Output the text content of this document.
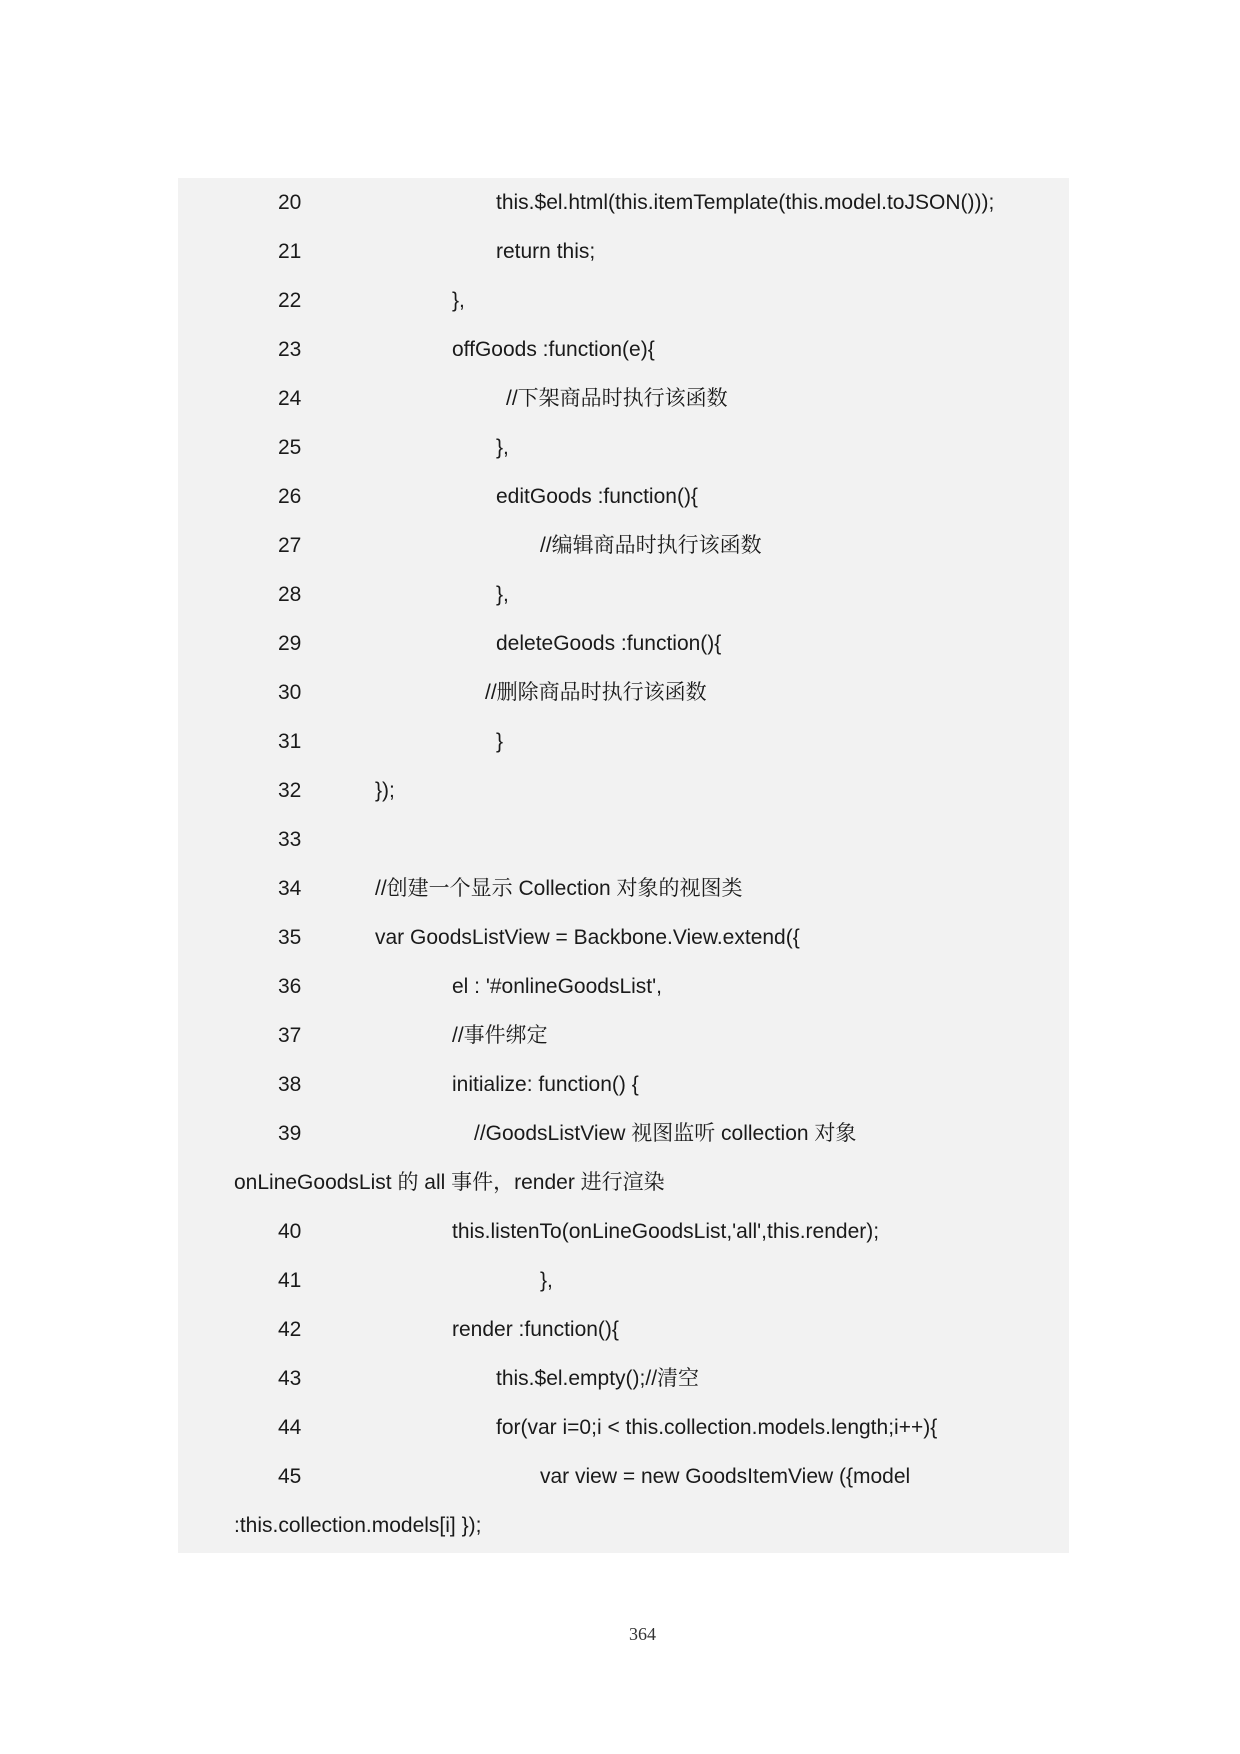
20	this.$el.html(this.itemTemplate(this.model.toJSON()));
21	return this;
22	},
23	offGoods :function(e){
24	//下架商品时执行该函数
25	},
26	editGoods :function(){
27	//编辑商品时执行该函数
28	},
29	deleteGoods :function(){
30	//删除商品时执行该函数
31	}
32	});
33
34	//创建一个显示 Collection 对象的视图类
35	var GoodsListView = Backbone.View.extend({
36	el : '#onlineGoodsList',
37	//事件绑定
38	initialize: function() {
39	//GoodsListView 视图监听 collection 对象
onLineGoodsList 的 all 事件，render 进行渲染
40	this.listenTo(onLineGoodsList,'all',this.render);
41	},
42	render :function(){
43	this.$el.empty();//清空
44	for(var i=0;i < this.collection.models.length;i++){
45	var view = new GoodsItemView ({model
:this.collection.models[i] });
364
